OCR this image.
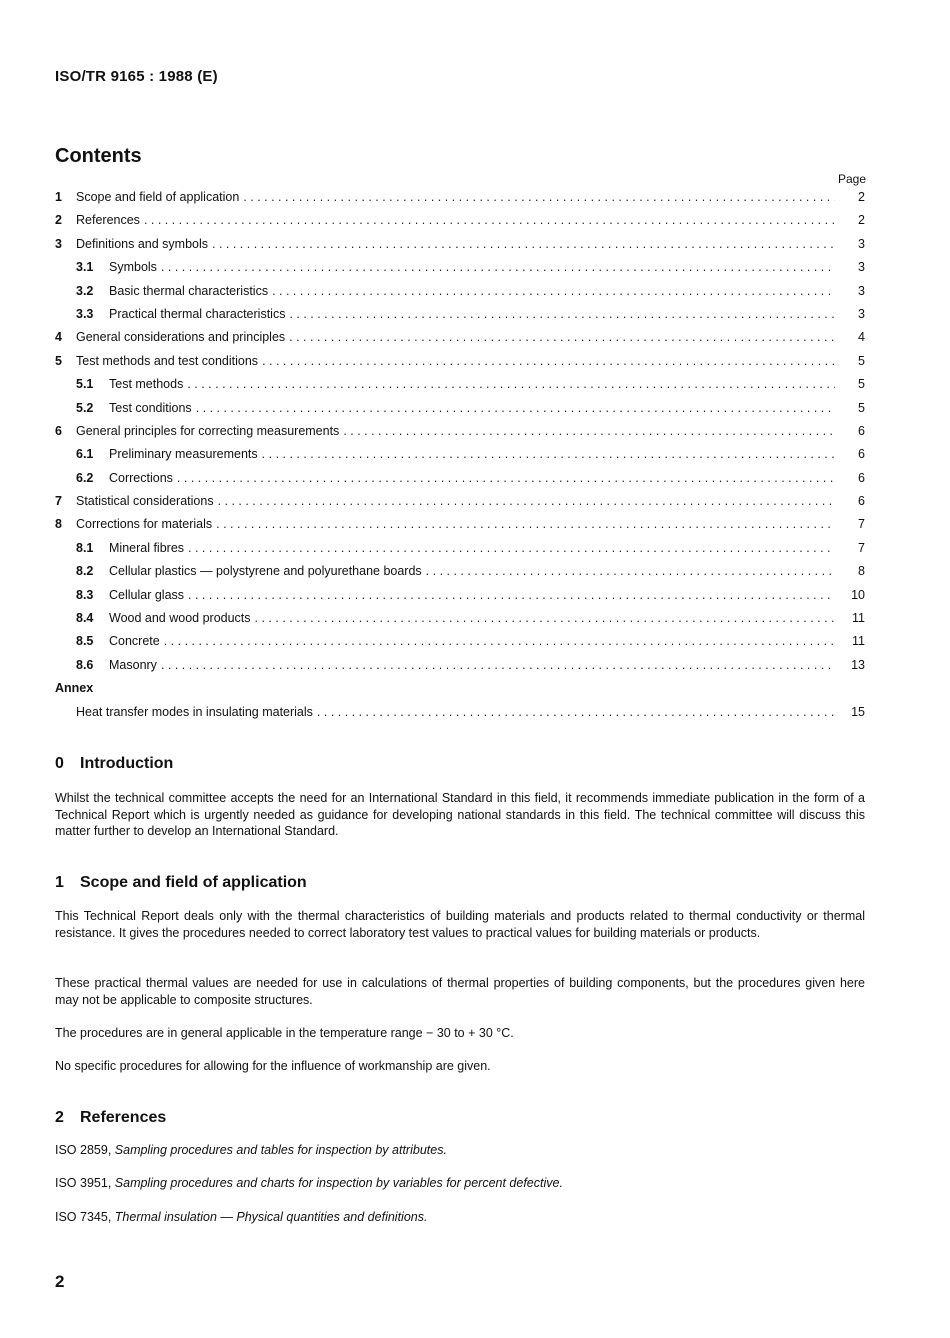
ISO/TR 9165 : 1988 (E)
Contents
Page
1	Scope and field of application . . .	2
2	References . . .	2
3	Definitions and symbols . . .	3
3.1	Symbols . . .	3
3.2	Basic thermal characteristics . . .	3
3.3	Practical thermal characteristics . . .	3
4	General considerations and principles . . .	4
5	Test methods and test conditions . . .	5
5.1	Test methods . . .	5
5.2	Test conditions . . .	5
6	General principles for correcting measurements . . .	6
6.1	Preliminary measurements . . .	6
6.2	Corrections . . .	6
7	Statistical considerations . . .	6
8	Corrections for materials . . .	7
8.1	Mineral fibres . . .	7
8.2	Cellular plastics — polystyrene and polyurethane boards . . .	8
8.3	Cellular glass . . .	10
8.4	Wood and wood products . . .	11
8.5	Concrete . . .	11
8.6	Masonry . . .	13
Annex
Heat transfer modes in insulating materials . . .	15
0 Introduction
Whilst the technical committee accepts the need for an International Standard in this field, it recommends immediate publication in the form of a Technical Report which is urgently needed as guidance for developing national standards in this field. The technical committee will discuss this matter further to develop an International Standard.
1 Scope and field of application
This Technical Report deals only with the thermal characteristics of building materials and products related to thermal conductivity or thermal resistance. It gives the procedures needed to correct laboratory test values to practical values for building materials or products.
These practical thermal values are needed for use in calculations of thermal properties of building components, but the procedures given here may not be applicable to composite structures.
The procedures are in general applicable in the temperature range − 30 to + 30 °C.
No specific procedures for allowing for the influence of workmanship are given.
2 References
ISO 2859, Sampling procedures and tables for inspection by attributes.
ISO 3951, Sampling procedures and charts for inspection by variables for percent defective.
ISO 7345, Thermal insulation — Physical quantities and definitions.
2
